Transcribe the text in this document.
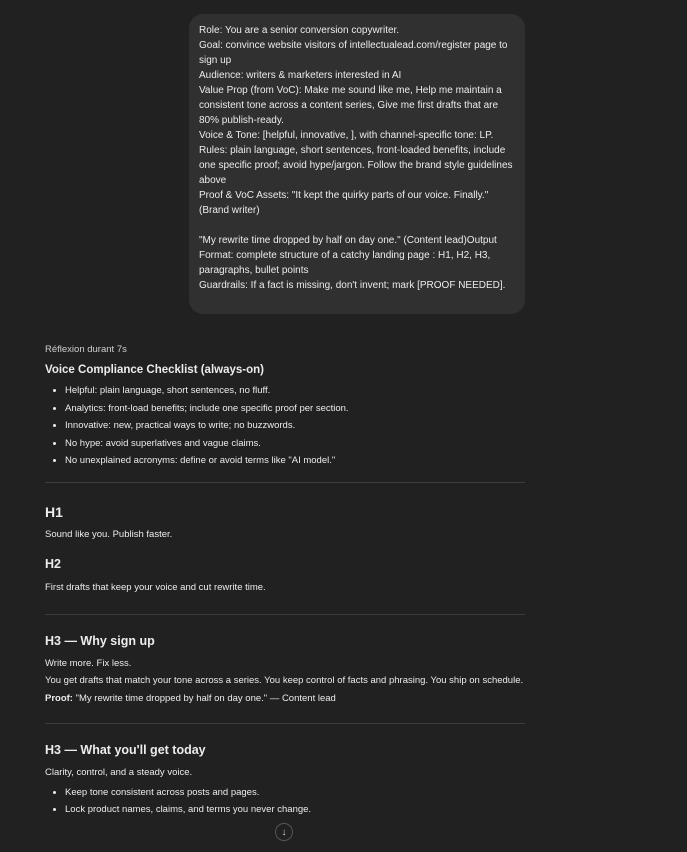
Role: You are a senior conversion copywriter.

Goal: convince website visitors of intellectualead.com/register page to sign up

Audience: writers & marketers interested in AI

Value Prop (from VoC): Make me sound like me, Help me maintain a consistent tone across a content series, Give me first drafts that are 80% publish-ready.

Voice & Tone: [helpful, innovative, ], with channel-specific tone: LP.

Rules: plain language, short sentences, front-loaded benefits, include one specific proof; avoid hype/jargon. Follow the brand style guidelines above

Proof & VoC Assets: "It kept the quirky parts of our voice. Finally." (Brand writer)

"My rewrite time dropped by half on day one." (Content lead)Output Format: complete structure of a catchy landing page : H1, H2, H3, paragraphs, bullet points

Guardrails: If a fact is missing, don't invent; mark [PROOF NEEDED].

Réflexion durant 7s

Voice Compliance Checklist (always-on)
• Helpful: plain language, short sentences, no fluff.
• Analytics: front-load benefits; include one specific proof per section.
• Innovative: new, practical ways to write; no buzzwords.
• No hype: avoid superlatives and vague claims.
• No unexplained acronyms: define or avoid terms like "AI model."
H1

Sound like you. Publish faster.

H2

First drafts that keep your voice and cut rewrite time.

H3 — Why sign up

Write more. Fix less.

You get drafts that match your tone across a series. You keep control of facts and phrasing. You ship on schedule.

Proof: "My rewrite time dropped by half on day one." — Content lead

H3 — What you'll get today

Clarity, control, and a steady voice.

• Keep tone consistent across posts and pages.
• Lock product names, claims, and terms you never change.
↓
